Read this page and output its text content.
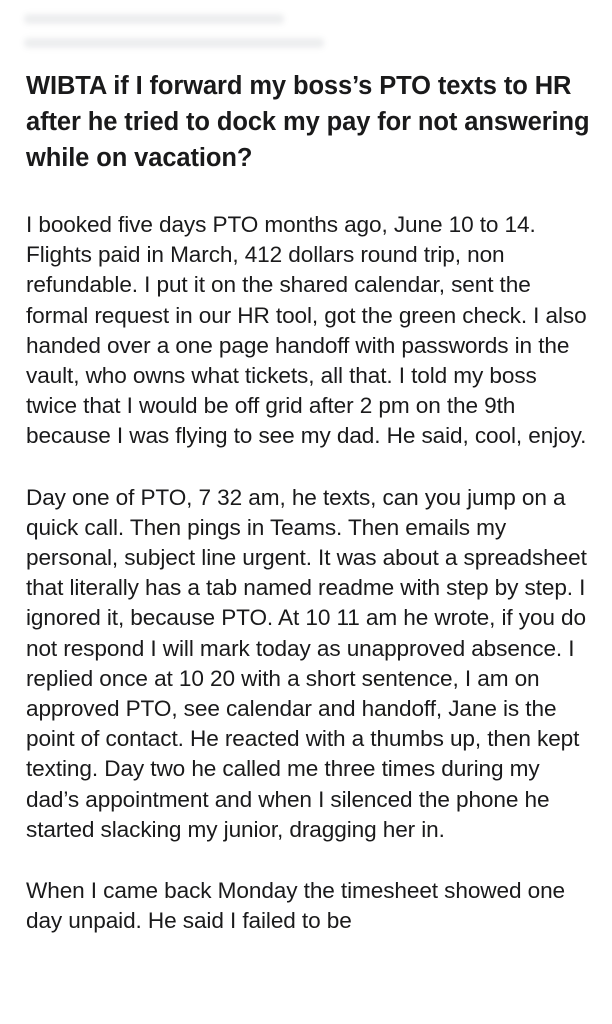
WIBTA if I forward my boss’s PTO texts to HR after he tried to dock my pay for not answering while on vacation?

I booked five days PTO months ago, June 10 to 14. Flights paid in March, 412 dollars round trip, non refundable. I put it on the shared calendar, sent the formal request in our HR tool, got the green check. I also handed over a one page handoff with passwords in the vault, who owns what tickets, all that. I told my boss twice that I would be off grid after 2 pm on the 9th because I was flying to see my dad. He said, cool, enjoy.

Day one of PTO, 7 32 am, he texts, can you jump on a quick call. Then pings in Teams. Then emails my personal, subject line urgent. It was about a spreadsheet that literally has a tab named readme with step by step. I ignored it, because PTO. At 10 11 am he wrote, if you do not respond I will mark today as unapproved absence. I replied once at 10 20 with a short sentence, I am on approved PTO, see calendar and handoff, Jane is the point of contact. He reacted with a thumbs up, then kept texting. Day two he called me three times during my dad’s appointment and when I silenced the phone he started slacking my junior, dragging her in.

When I came back Monday the timesheet showed one day unpaid. He said I failed to be
